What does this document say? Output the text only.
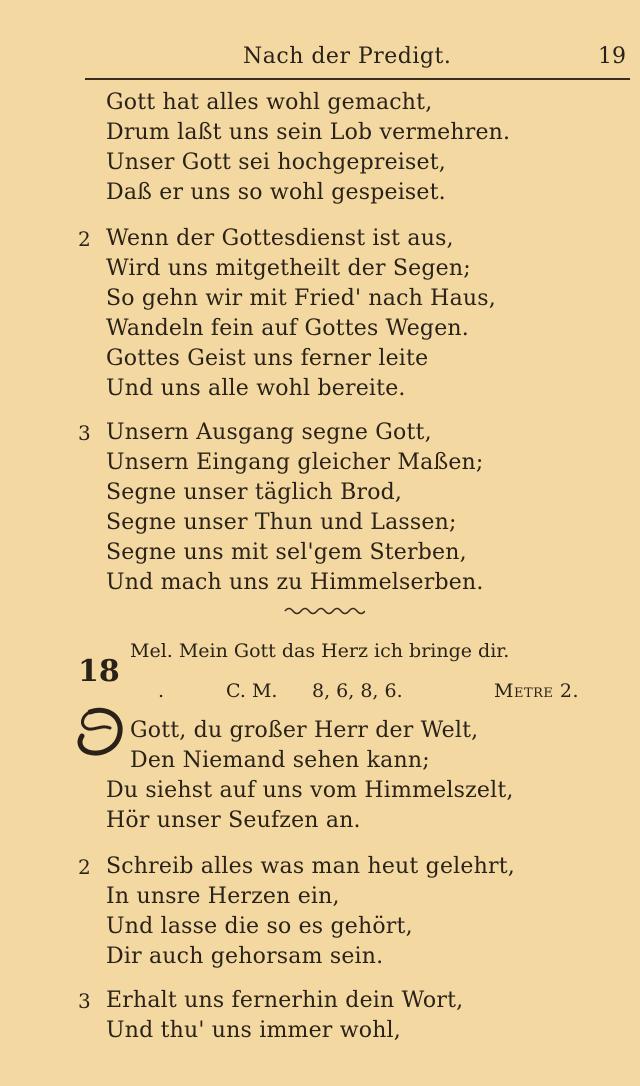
Nach der Predigt.	19
Gott hat alles wohl gemacht,
Drum laßt uns sein Lob vermehren.
Unser Gott sei hochgepreiset,
Daß er uns so wohl gespeiset.
2 Wenn der Gottesdienst ist aus,
Wird uns mitgetheilt der Segen;
So gehn wir mit Fried' nach Haus,
Wandeln fein auf Gottes Wegen.
Gottes Geist uns ferner leite
Und uns alle wohl bereite.
3 Unsern Ausgang segne Gott,
Unsern Eingang gleicher Maßen;
Segne unser täglich Brod,
Segne unser Thun und Lassen;
Segne uns mit sel'gem Sterben,
Und mach uns zu Himmelserben.
Mel. Mein Gott das Herz ich bringe dir.
18
.	C. M. 8, 6, 8, 6.	Metre 2.
O Gott, du großer Herr der Welt,
Den Niemand sehen kann;
Du siehst auf uns vom Himmelszelt,
Hör unser Seufzen an.
2 Schreib alles was man heut gelehrt,
In unsre Herzen ein,
Und lasse die so es gehört,
Dir auch gehorsam sein.
3 Erhalt uns fernerhin dein Wort,
Und thu' uns immer wohl,
